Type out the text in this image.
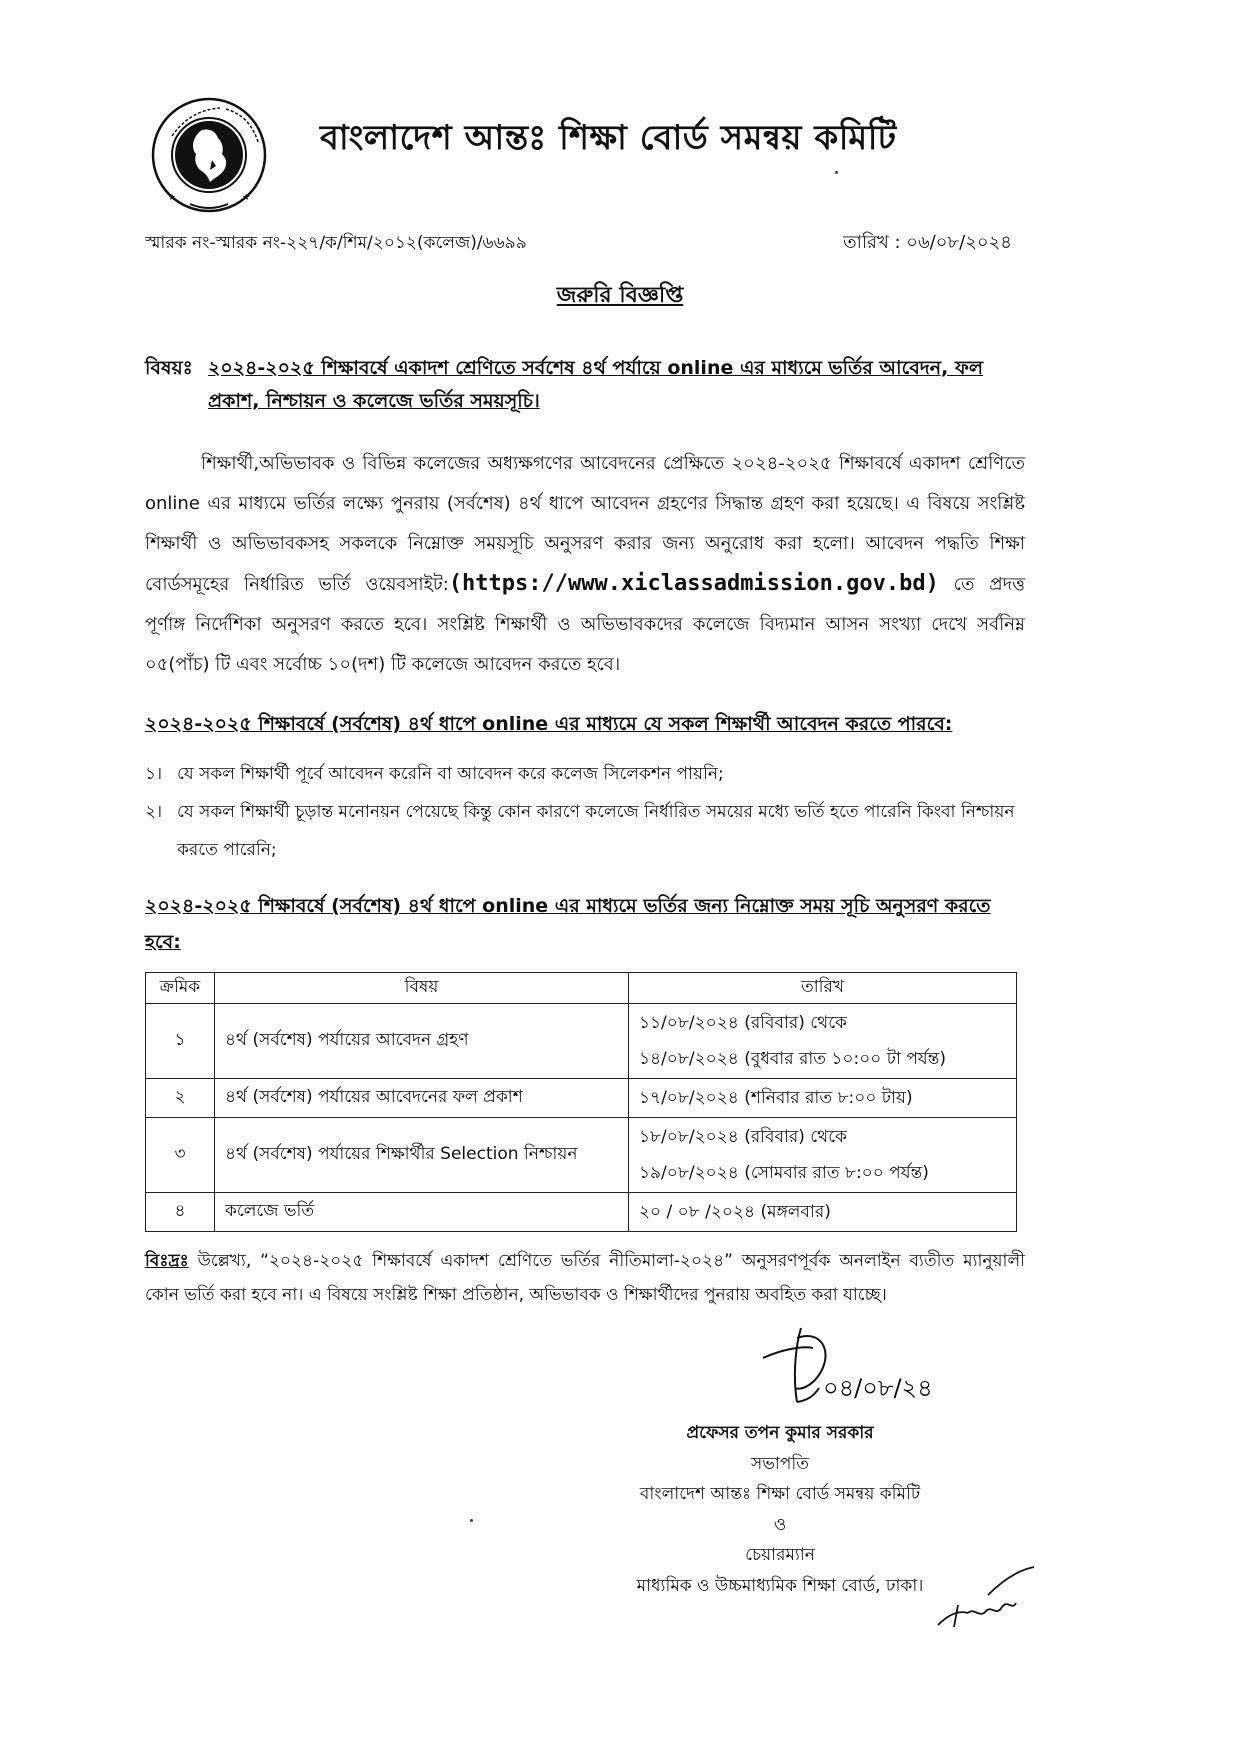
★	★
বাংলাদেশ আন্তঃ শিক্ষা বোর্ড সমন্বয় কমিটি
স্মারক নং-স্মারক নং-২২৭/ক/শিম/২০১২(কলেজ)/৬৬৯৯	তারিখ : ০৬/০৮/২০২৪
জরুরি বিজ্ঞপ্তি
বিষয়ঃ ২০২৪-২০২৫ শিক্ষাবর্ষে একাদশ শ্রেণিতে সর্বশেষ ৪র্থ পর্যায়ে online এর মাধ্যমে ভর্তির আবেদন, ফল প্রকাশ, নিশ্চায়ন ও কলেজে ভর্তির সময়সূচি।
শিক্ষার্থী,অভিভাবক ও বিভিন্ন কলেজের অধ্যক্ষগণের আবেদনের প্রেক্ষিতে ২০২৪-২০২৫ শিক্ষাবর্ষে একাদশ শ্রেণিতে online এর মাধ্যমে ভর্তির লক্ষ্যে পুনরায় (সর্বশেষ) ৪র্থ ধাপে আবেদন গ্রহণের সিদ্ধান্ত গ্রহণ করা হয়েছে। এ বিষয়ে সংশ্লিষ্ট শিক্ষার্থী ও অভিভাবকসহ সকলকে নিম্নোক্ত সময়সূচি অনুসরণ করার জন্য অনুরোধ করা হলো। আবেদন পদ্ধতি শিক্ষা বোর্ডসমূহের নির্ধারিত ভর্তি ওয়েবসাইট:(https://www.xiclassadmission.gov.bd) তে প্রদত্ত পূর্ণাঙ্গ নির্দেশিকা অনুসরণ করতে হবে। সংশ্লিষ্ট শিক্ষার্থী ও অভিভাবকদের কলেজে বিদ্যমান আসন সংখ্যা দেখে সর্বনিম্ন ০৫(পাঁচ) টি এবং সর্বোচ্চ ১০(দশ) টি কলেজে আবেদন করতে হবে।
২০২৪-২০২৫ শিক্ষাবর্ষে (সর্বশেষ) ৪র্থ ধাপে online এর মাধ্যমে যে সকল শিক্ষার্থী আবেদন করতে পারবে:
১। যে সকল শিক্ষার্থী পূর্বে আবেদন করেনি বা আবেদন করে কলেজ সিলেকশন পায়নি;
২। যে সকল শিক্ষার্থী চূড়ান্ত মনোনয়ন পেয়েছে কিন্তু কোন কারণে কলেজে নির্ধারিত সময়ের মধ্যে ভর্তি হতে পারেনি কিংবা নিশ্চায়ন করতে পারেনি;
২০২৪-২০২৫ শিক্ষাবর্ষে (সর্বশেষ) ৪র্থ ধাপে online এর মাধ্যমে ভর্তির জন্য নিম্নোক্ত সময় সূচি অনুসরণ করতে হবে:
ক্রমিক	বিষয়	তারিখ
১	৪র্থ (সর্বশেষ) পর্যায়ের আবেদন গ্রহণ	১১/০৮/২০২৪ (রবিবার) থেকে
১৪/০৮/২০২৪ (বুধবার রাত ১০:০০ টা পর্যন্ত)

২	৪র্থ (সর্বশেষ) পর্যায়ের আবেদনের ফল প্রকাশ	১৭/০৮/২০২৪ (শনিবার রাত ৮:০০ টায়)

৩	৪র্থ (সর্বশেষ) পর্যায়ের শিক্ষার্থীর Selection নিশ্চায়ন	১৮/০৮/২০২৪ (রবিবার) থেকে
১৯/০৮/২০২৪ (সোমবার রাত ৮:০০ পর্যন্ত)

৪	কলেজে ভর্তি	২০ / ০৮ /২০২৪ (মঙ্গলবার)
বিঃদ্রঃ উল্লেখ্য, “২০২৪-২০২৫ শিক্ষাবর্ষে একাদশ শ্রেণিতে ভর্তির নীতিমালা-২০২৪” অনুসরণপূর্বক অনলাইন ব্যতীত ম্যানুয়ালী কোন ভর্তি করা হবে না। এ বিষয়ে সংশ্লিষ্ট শিক্ষা প্রতিষ্ঠান, অভিভাবক ও শিক্ষার্থীদের পুনরায় অবহিত করা যাচ্ছে।
০৪/০৮/২৪
প্রফেসর তপন কুমার সরকার
সভাপতি
বাংলাদেশ আন্তঃ শিক্ষা বোর্ড সমন্বয় কমিটি
ও
চেয়ারম্যান
মাধ্যমিক ও উচ্চমাধ্যমিক শিক্ষা বোর্ড, ঢাকা।
